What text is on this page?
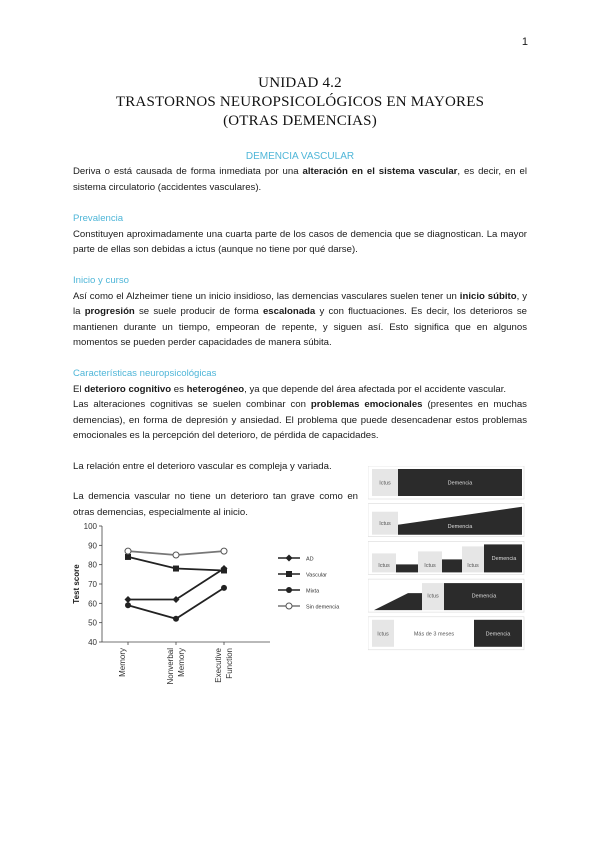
1
UNIDAD 4.2
TRASTORNOS NEUROPSICOLÓGICOS EN MAYORES
(OTRAS DEMENCIAS)

DEMENCIA VASCULAR

Deriva o está causada de forma inmediata por una alteración en el sistema vascular, es decir, en el sistema circulatorio (accidentes vasculares).

Prevalencia

Constituyen aproximadamente una cuarta parte de los casos de demencia que se diagnostican. La mayor parte de ellas son debidas a ictus (aunque no tiene por qué darse).

Inicio y curso

Así como el Alzheimer tiene un inicio insidioso, las demencias vasculares suelen tener un inicio súbito, y la progresión se suele producir de forma escalonada y con fluctuaciones. Es decir, los deterioros se mantienen durante un tiempo, empeoran de repente, y siguen así. Esto significa que en algunos momentos se pueden perder capacidades de manera súbita.

Características neuropsicológicas

El deterioro cognitivo es heterogéneo, ya que depende del área afectada por el accidente vascular.

Las alteraciones cognitivas se suelen combinar con problemas emocionales (presentes en muchas demencias), en forma de depresión y ansiedad. El problema que puede desencadenar estos problemas emocionales es la percepción del deterioro, de pérdida de capacidades.

La relación entre el deterioro vascular es compleja y variada.

La demencia vascular no tiene un deterioro tan grave como en otras demencias, especialmente al inicio.

100
90
80
70
60
50
40
Test score
Memory	Nonverbal Memory	Executive Function
AD
Vascular
Mixta
Sin demencia
Ictus	Demencia
Ictus	Demencia
Ictus	Ictus	Ictus
Demencia
Ictus	Demencia
Ictus	Más de 3 meses	Demencia
